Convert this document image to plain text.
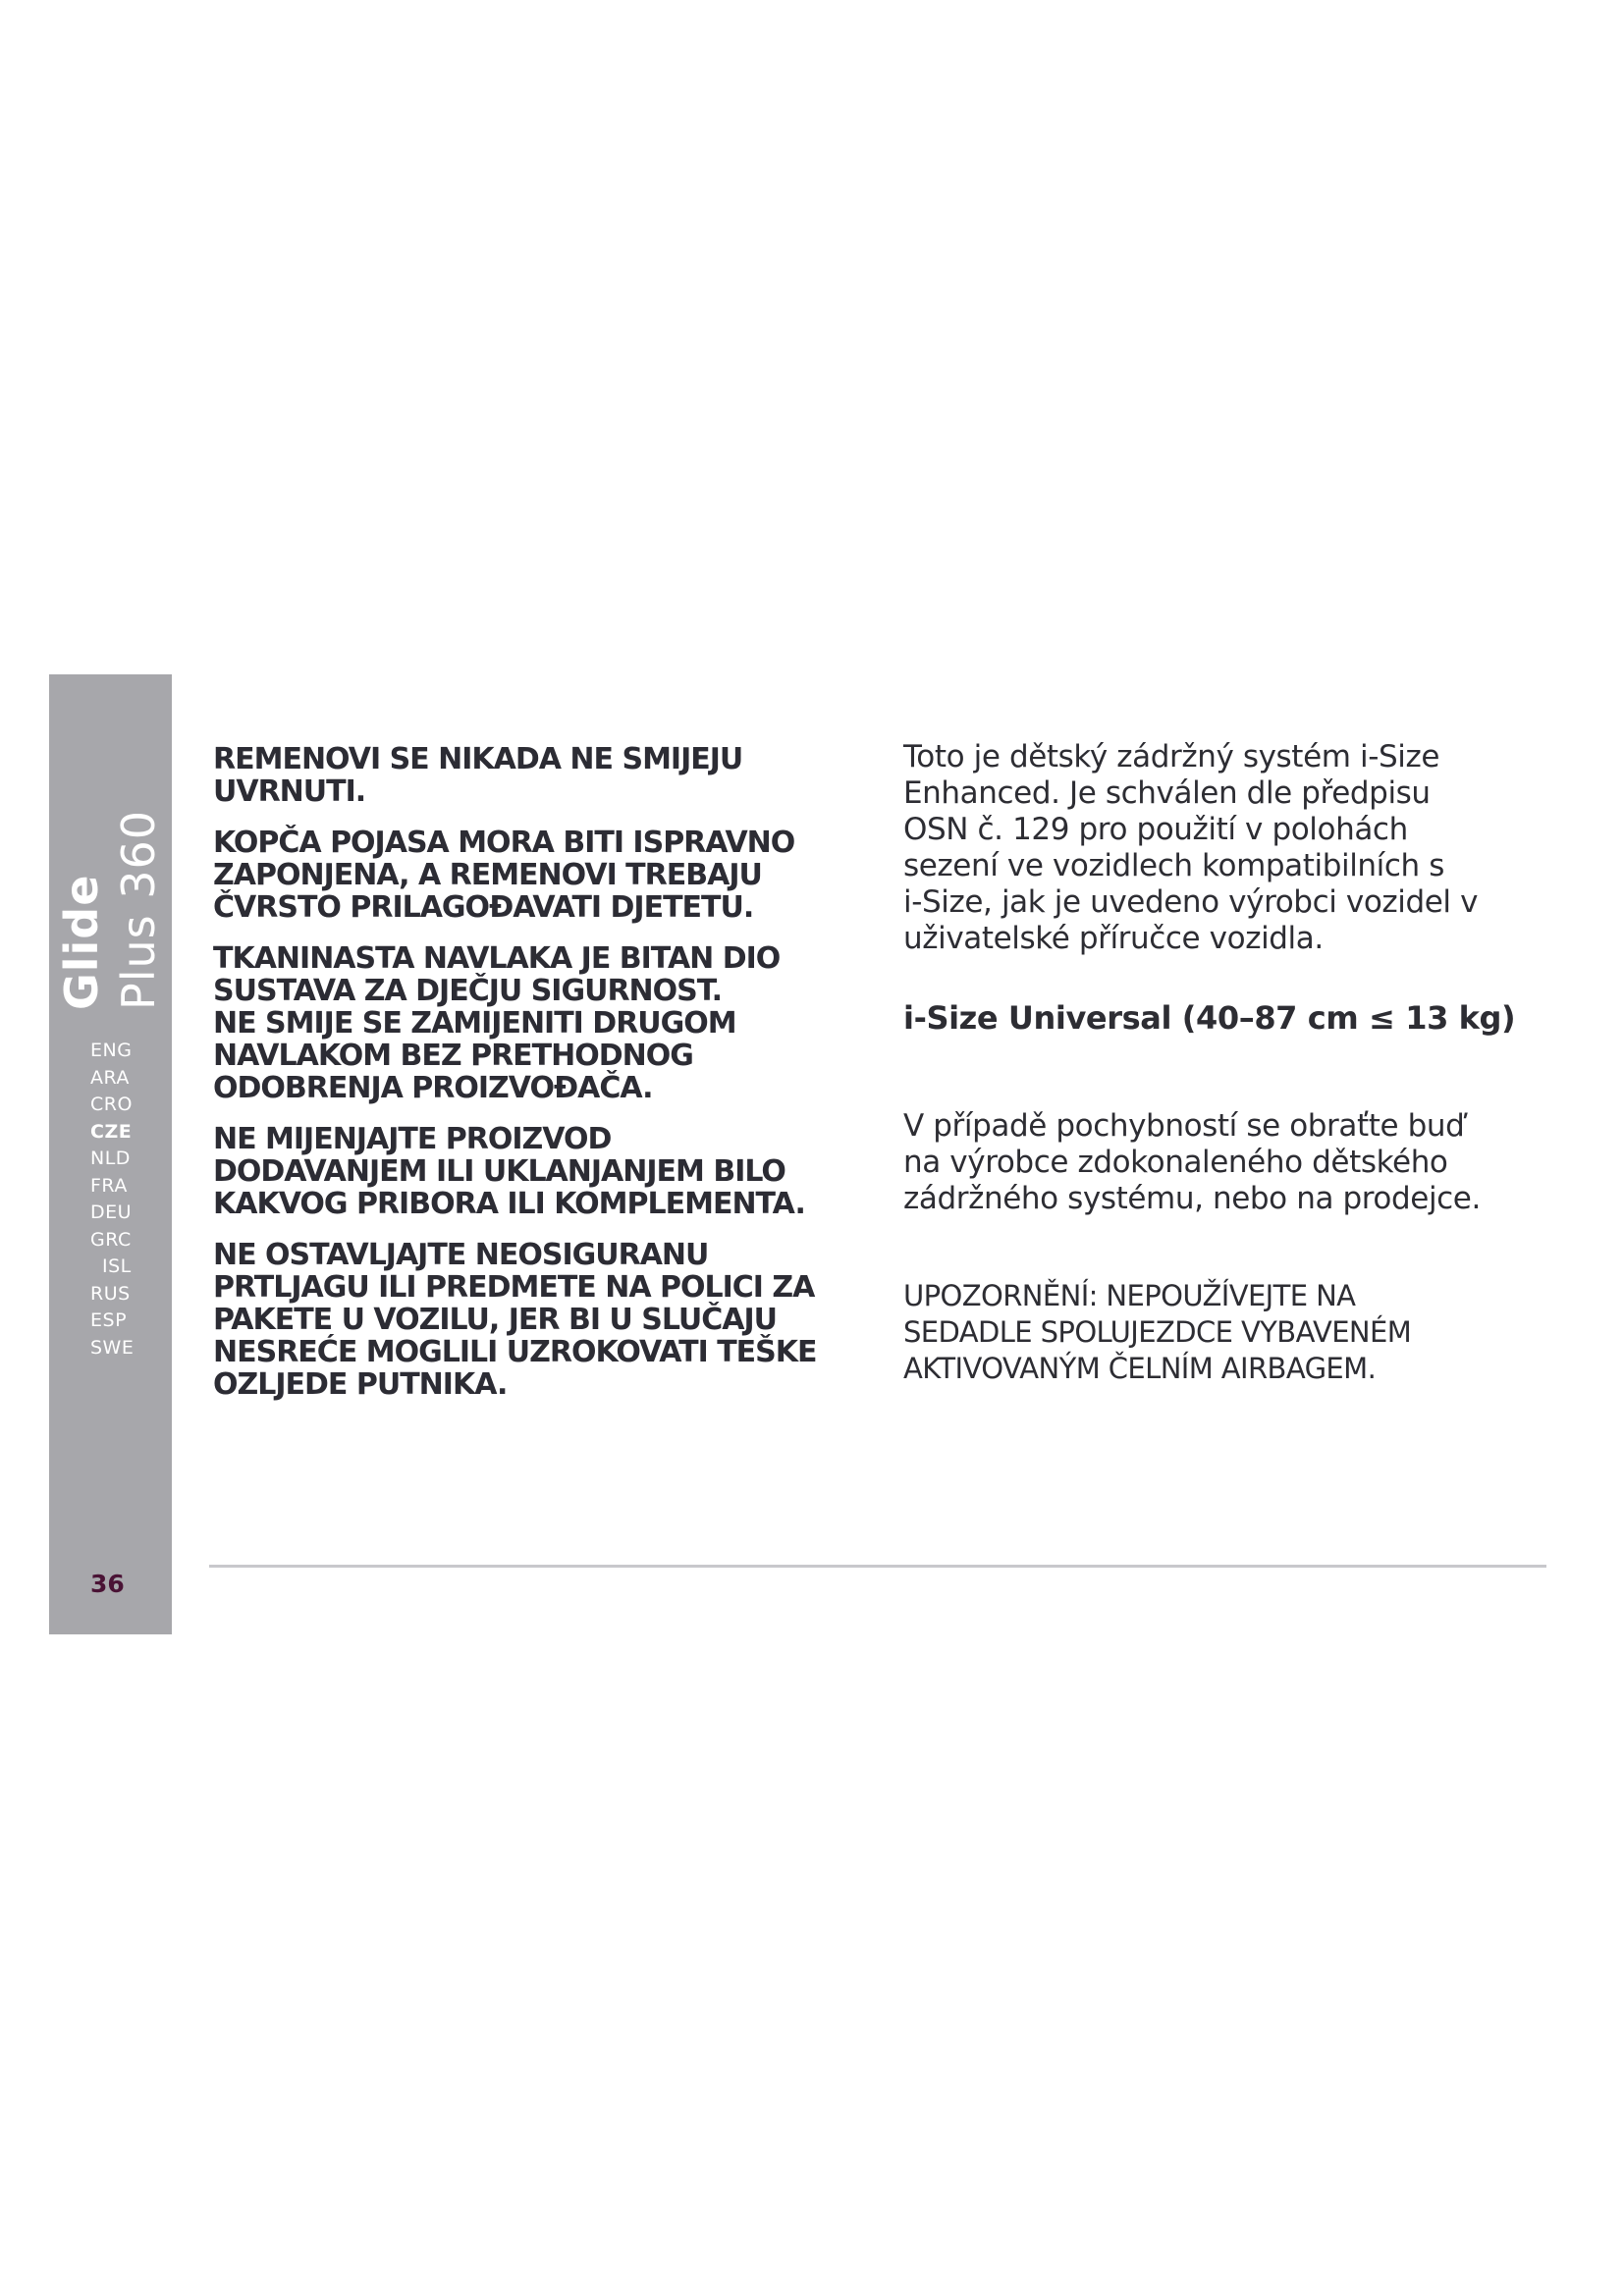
Glide Plus 360
ENG
ARA
CRO
CZE
NLD
FRA
DEU
GRC
ISL
RUS
ESP
SWE
36

REMENOVI SE NIKADA NE SMIJEJU
UVRNUTI.

KOPČA POJASA MORA BITI ISPRAVNO
ZAPONJENA, A REMENOVI TREBAJU
ČVRSTO PRILAGOĐAVATI DJETETU.

TKANINASTA NAVLAKA JE BITAN DIO
SUSTAVA ZA DJEČJU SIGURNOST.
NE SMIJE SE ZAMIJENITI DRUGOM
NAVLAKOM BEZ PRETHODNOG
ODOBRENJA PROIZVOĐAČA.

NE MIJENJAJTE PROIZVOD
DODAVANJEM ILI UKLANJANJEM BILO
KAKVOG PRIBORA ILI KOMPLEMENTA.

NE OSTAVLJAJTE NEOSIGURANU
PRTLJAGU ILI PREDMETE NA POLICI ZA
PAKETE U VOZILU, JER BI U SLUČAJU
NESREĆE MOGLILI UZROKOVATI TEŠKE
OZLJEDE PUTNIKA.

Toto je dětský zádržný systém i-Size
Enhanced. Je schválen dle předpisu
OSN č. 129 pro použití v polohách
sezení ve vozidlech kompatibilních s
i-Size, jak je uvedeno výrobci vozidel v
uživatelské příručce vozidla.

i-Size Universal (40–87 cm ≤ 13 kg)

V případě pochybností se obraťte buď
na výrobce zdokonaleného dětského
zádržného systému, nebo na prodejce.

UPOZORNĚNÍ: NEPOUŽÍVEJTE NA
SEDADLE SPOLUJEZDCE VYBAVENÉM
AKTIVOVANÝM ČELNÍM AIRBAGEM.
